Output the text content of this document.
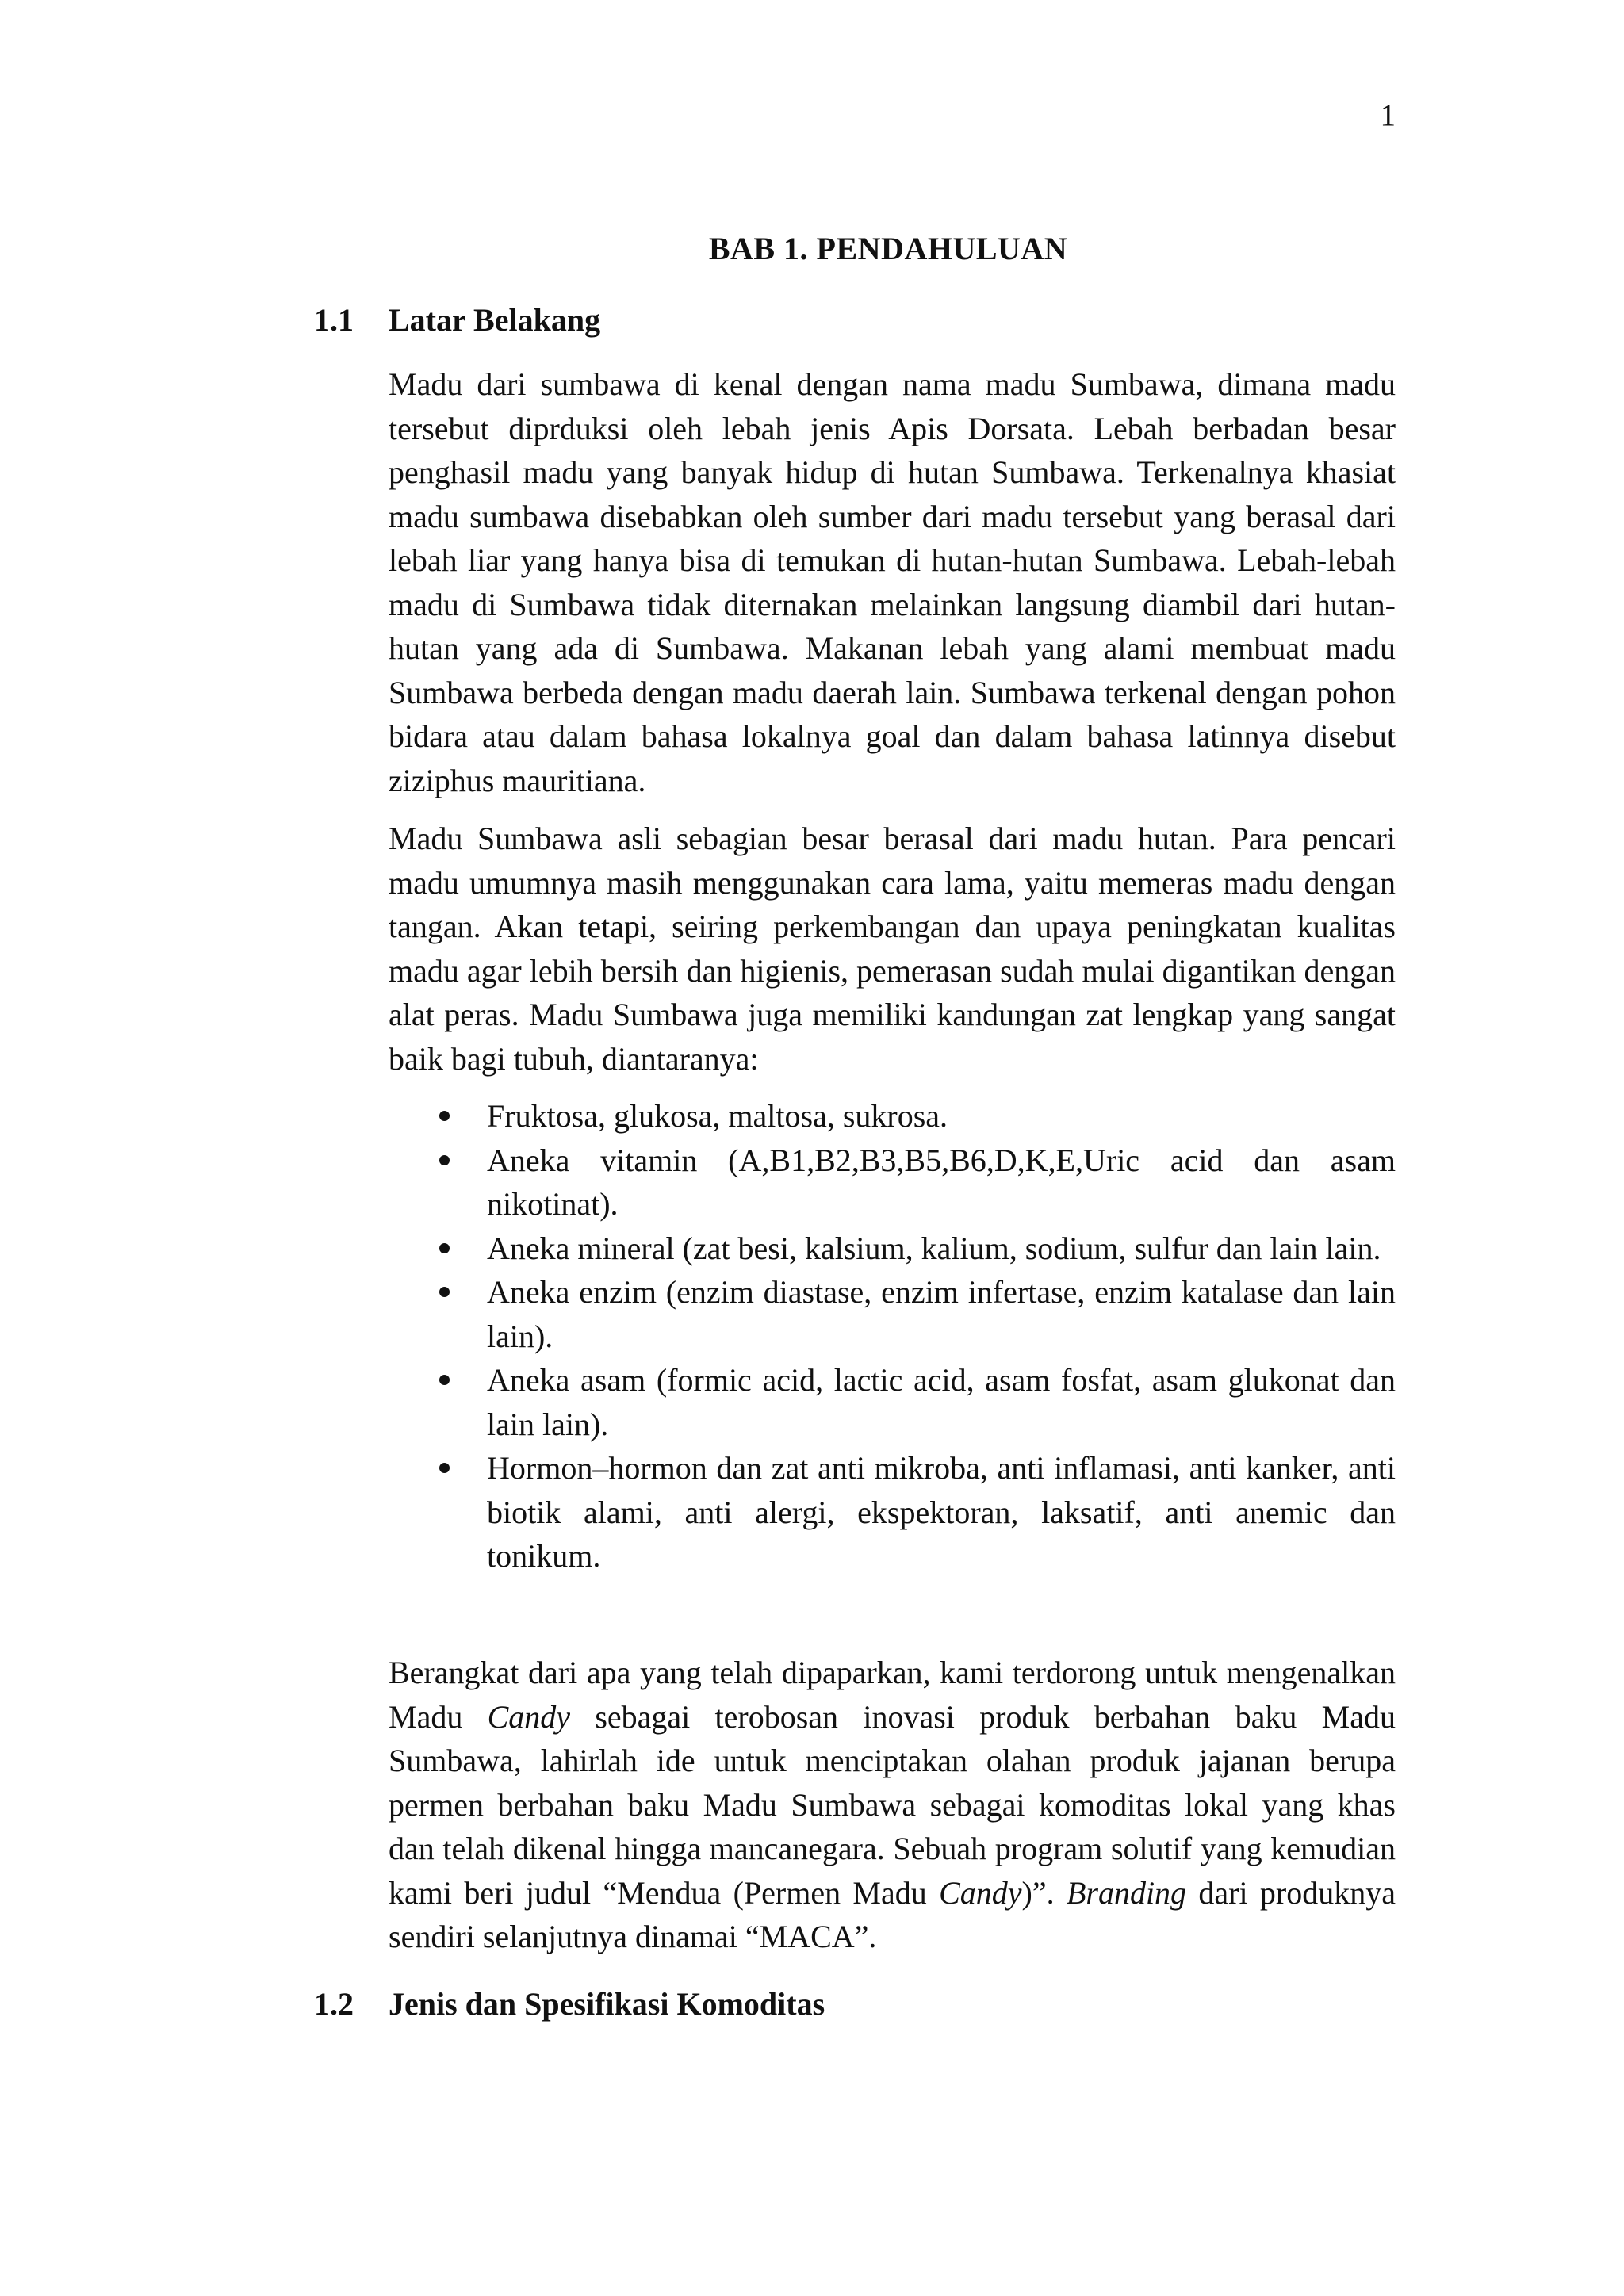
1
BAB 1. PENDAHULUAN
1.1 Latar Belakang

Madu dari sumbawa di kenal dengan nama madu Sumbawa, dimana madu tersebut diprduksi oleh lebah jenis Apis Dorsata. Lebah berbadan besar penghasil madu yang banyak hidup di hutan Sumbawa. Terkenalnya khasiat madu sumbawa disebabkan oleh sumber dari madu tersebut yang berasal dari lebah liar yang hanya bisa di temukan di hutan-hutan Sumbawa. Lebah-lebah madu di Sumbawa tidak diternakan melainkan langsung diambil dari hutan-hutan yang ada di Sumbawa. Makanan lebah yang alami membuat madu Sumbawa berbeda dengan madu daerah lain. Sumbawa terkenal dengan pohon bidara atau dalam bahasa lokalnya goal dan dalam bahasa latinnya disebut ziziphus mauritiana.

Madu Sumbawa asli sebagian besar berasal dari madu hutan. Para pencari madu umumnya masih menggunakan cara lama, yaitu memeras madu dengan tangan. Akan tetapi, seiring perkembangan dan upaya peningkatan kualitas madu agar lebih bersih dan higienis, pemerasan sudah mulai digantikan dengan alat peras. Madu Sumbawa juga memiliki kandungan zat lengkap yang sangat baik bagi tubuh, diantaranya:

Fruktosa, glukosa, maltosa, sukrosa.
Aneka vitamin (A,B1,B2,B3,B5,B6,D,K,E,Uric acid dan asam nikotinat).
Aneka mineral (zat besi, kalsium, kalium, sodium, sulfur dan lain lain.
Aneka enzim (enzim diastase, enzim infertase, enzim katalase dan lain lain).
Aneka asam (formic acid, lactic acid, asam fosfat, asam glukonat dan lain lain).
Hormon–hormon dan zat anti mikroba, anti inflamasi, anti kanker, anti biotik alami, anti alergi, ekspektoran, laksatif, anti anemic dan tonikum.

Berangkat dari apa yang telah dipaparkan, kami terdorong untuk mengenalkan Madu Candy sebagai terobosan inovasi produk berbahan baku Madu Sumbawa, lahirlah ide untuk menciptakan olahan produk jajanan berupa permen berbahan baku Madu Sumbawa sebagai komoditas lokal yang khas dan telah dikenal hingga mancanegara. Sebuah program solutif yang kemudian kami beri judul “Mendua (Permen Madu Candy)”. Branding dari produknya sendiri selanjutnya dinamai “MACA”.

1.2 Jenis dan Spesifikasi Komoditas
